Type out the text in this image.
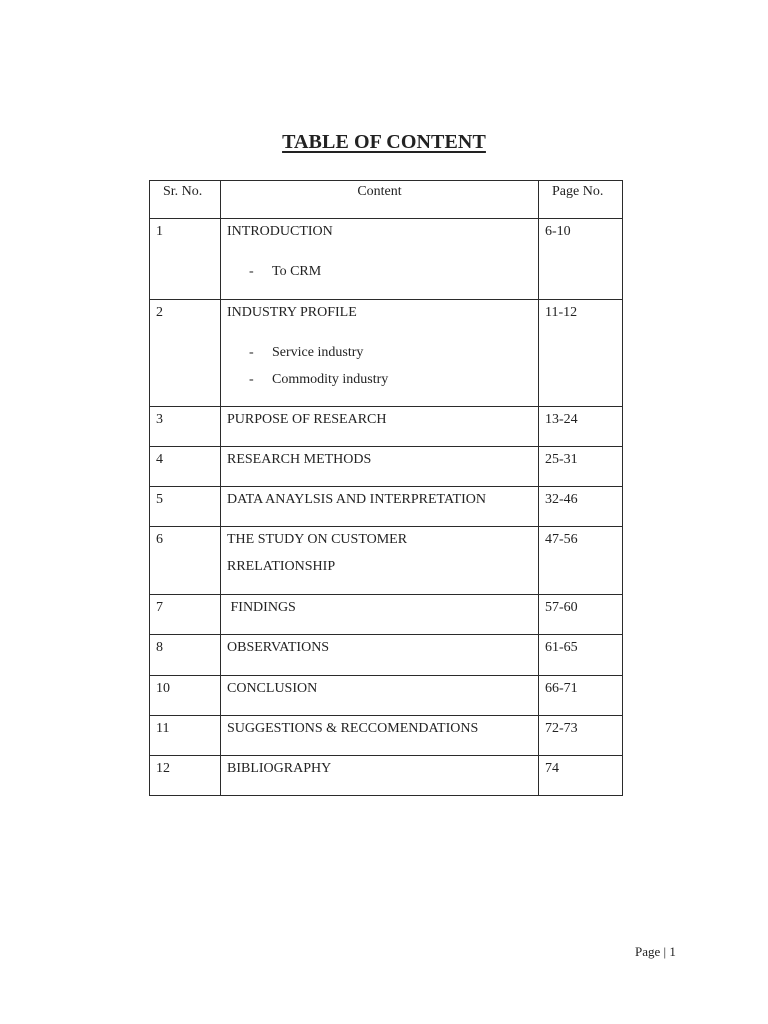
TABLE OF CONTENT
Sr. No.	Content	Page No.

1	INTRODUCTION
- To CRM	6-10

2	INDUSTRY PROFILE
- Service industry
- Commodity industry	11-12

3	PURPOSE OF RESEARCH	13-24

4	RESEARCH METHODS	25-31

5	DATA ANAYLSIS AND INTERPRETATION	32-46

6	THE STUDY ON CUSTOMER
RRELATIONSHIP	47-56

7	FINDINGS	57-60

8	OBSERVATIONS	61-65

10	CONCLUSION	66-71

11	SUGGESTIONS & RECCOMENDATIONS	72-73

12	BIBLIOGRAPHY	74
Page | 1
